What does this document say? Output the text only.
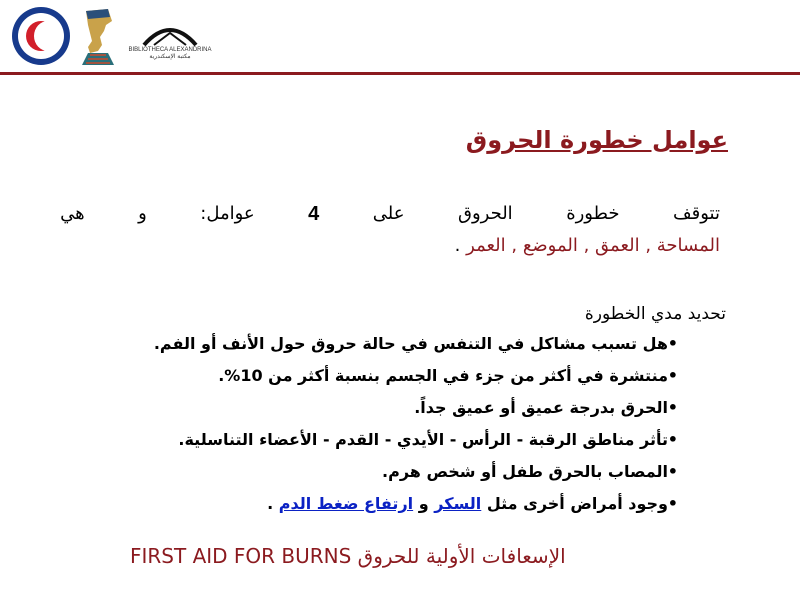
BIBLIOTHECA ALEXANDRINA
مكتبة الإسكندرية
عوامل خطورة الحروق
تتوقف
خطورة
الحروق
على
4
عوامل:
و
هي
المساحة , العمق , الموضع , العمر .
تحديد مدي الخطورة
•هل تسبب مشاكل في التنفس في حالة حروق حول الأنف أو الفم.
•منتشرة في أكثر من جزء في الجسم بنسبة أكثر من 10%.
•الحرق بدرجة عميق أو عميق جداً.
•تأثر مناطق الرقبة - الرأس - الأيدي - القدم - الأعضاء التناسلية.
•المصاب بالحرق طفل أو شخص هرم.
•وجود أمراض أخرى مثل السكر و ارتفاع ضغط الدم .
الإسعافات الأولية للحروق FIRST AID FOR BURNS
